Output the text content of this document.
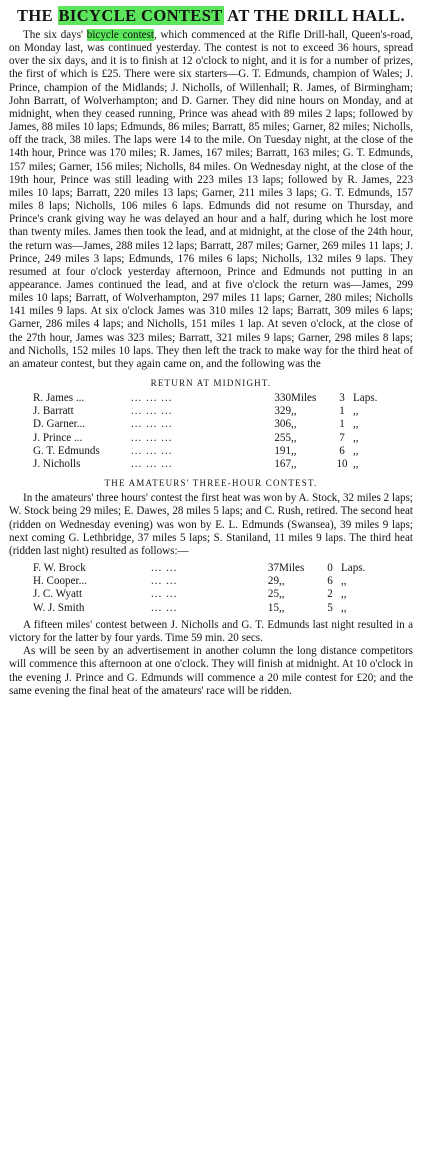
THE BICYCLE CONTEST AT THE DRILL HALL.

The six days' bicycle contest, which commenced at the Rifle Drill-hall, Queen's-road, on Monday last, was continued yesterday. The contest is not to exceed 36 hours, spread over the six days, and it is to finish at 12 o'clock to night, and it is for a number of prizes, the first of which is £25. There were six starters—G. T. Edmunds, champion of Wales; J. Prince, champion of the Midlands; J. Nicholls, of Willenhall; R. James, of Birmingham; John Barratt, of Wolverhampton; and D. Garner. They did nine hours on Monday, and at midnight, when they ceased running, Prince was ahead with 89 miles 2 laps; followed by James, 88 miles 10 laps; Edmunds, 86 miles; Barratt, 85 miles; Garner, 82 miles; Nicholls, off the track, 38 miles. The laps were 14 to the mile. On Tuesday night, at the close of the 14th hour, Prince was 170 miles; R. James, 167 miles; Barratt, 163 miles; G. T. Edmunds, 157 miles; Garner, 156 miles; Nicholls, 84 miles. On Wednesday night, at the close of the 19th hour, Prince was still leading with 223 miles 13 laps; followed by R. James, 223 miles 10 laps; Barratt, 220 miles 13 laps; Garner, 211 miles 3 laps; G. T. Edmunds, 157 miles 8 laps; Nicholls, 106 miles 6 laps. Edmunds did not resume on Thursday, and Prince's crank giving way he was delayed an hour and a half, during which he lost more than twenty miles. James then took the lead, and at midnight, at the close of the 24th hour, the return was—James, 288 miles 12 laps; Barratt, 287 miles; Garner, 269 miles 11 laps; J. Prince, 249 miles 3 laps; Edmunds, 176 miles 6 laps; Nicholls, 132 miles 9 laps. They resumed at four o'clock yesterday afternoon, Prince and Edmunds not putting in an appearance. James continued the lead, and at five o'clock the return was—James, 299 miles 10 laps; Barratt, of Wolverhampton, 297 miles 11 laps; Garner, 280 miles; Nicholls 141 miles 9 laps. At six o'clock James was 310 miles 12 laps; Barratt, 309 miles 6 laps; Garner, 286 miles 4 laps; and Nicholls, 151 miles 1 lap. At seven o'clock, at the close of the 27th hour, James was 323 miles; Barratt, 321 miles 9 laps; Garner, 298 miles 8 laps; and Nicholls, 152 miles 10 laps. They then left the track to make way for the third heat of an amateur contest, but they again came on, and the following was the

RETURN AT MIDNIGHT.
R. James ...	... ... ...	330	Miles	3	Laps.
J. Barratt	... ... ...	329	,,	1	,,
D. Garner...	... ... ...	306	,,	1	,,
J. Prince ...	... ... ...	255	,,	7	,,
G. T. Edmunds	... ... ...	191	,,	6	,,
J. Nicholls	... ... ...	167	,,	10	,,
THE AMATEURS' THREE-HOUR CONTEST.

In the amateurs' three hours' contest the first heat was won by A. Stock, 32 miles 2 laps; W. Stock being 29 miles; E. Dawes, 28 miles 5 laps; and C. Rush, retired. The second heat (ridden on Wednesday evening) was won by E. L. Edmunds (Swansea), 39 miles 9 laps; next coming G. Lethbridge, 37 miles 5 laps; S. Staniland, 11 miles 9 laps. The third heat (ridden last night) resulted as follows:—

F. W. Brock	... ...	37	Miles	0	Laps.
H. Cooper...	... ...	29	,,	6	,,
J. C. Wyatt	... ...	25	,,	2	,,
W. J. Smith	... ...	15	,,	5	,,

A fifteen miles' contest between J. Nicholls and G. T. Edmunds last night resulted in a victory for the latter by four yards. Time 59 min. 20 secs.

As will be seen by an advertisement in another column the long distance competitors will commence this afternoon at one o'clock. They will finish at midnight. At 10 o'clock in the evening J. Prince and G. Edmunds will commence a 20 mile contest for £20; and the same evening the final heat of the amateurs' race will be ridden.
